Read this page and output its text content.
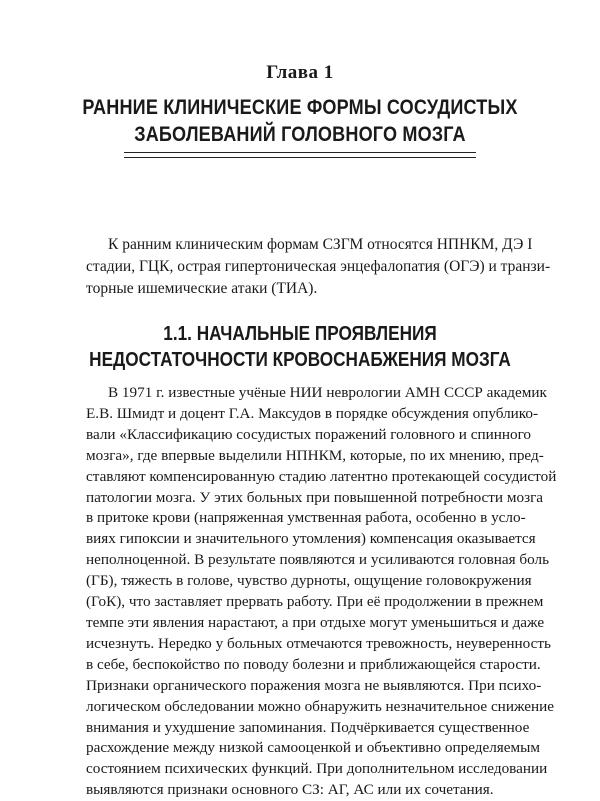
Глава 1
РАННИЕ КЛИНИЧЕСКИЕ ФОРМЫ СОСУДИСТЫХ
ЗАБОЛЕВАНИЙ ГОЛОВНОГО МОЗГА
К ранним клиническим формам СЗГМ относятся НПНКМ, ДЭ I
стадии, ГЦК, острая гипертоническая энцефалопатия (ОГЭ) и транзи-
торные ишемические атаки (ТИА).
1.1. НАЧАЛЬНЫЕ ПРОЯВЛЕНИЯ
НЕДОСТАТОЧНОСТИ КРОВОСНАБЖЕНИЯ МОЗГА
В 1971 г. известные учёные НИИ неврологии АМН СССР академик
Е.В. Шмидт и доцент Г.А. Максудов в порядке обсуждения опублико-
вали «Классификацию сосудистых поражений головного и спинного
мозга», где впервые выделили НПНКМ, которые, по их мнению, пред-
ставляют компенсированную стадию латентно протекающей сосудистой
патологии мозга. У этих больных при повышенной потребности мозга
в притоке крови (напряженная умственная работа, особенно в усло-
виях гипоксии и значительного утомления) компенсация оказывается
неполноценной. В результате появляются и усиливаются головная боль
(ГБ), тяжесть в голове, чувство дурноты, ощущение головокружения
(ГоК), что заставляет прервать работу. При её продолжении в прежнем
темпе эти явления нарастают, а при отдыхе могут уменьшиться и даже
исчезнуть. Нередко у больных отмечаются тревожность, неуверенность
в себе, беспокойство по поводу болезни и приближающейся старости.
Признаки органического поражения мозга не выявляются. При психо-
логическом обследовании можно обнаружить незначительное снижение
внимания и ухудшение запоминания. Подчёркивается существенное
расхождение между низкой самооценкой и объективно определяемым
состоянием психических функций. При дополнительном исследовании
выявляются признаки основного СЗ: АГ, АС или их сочетания.
